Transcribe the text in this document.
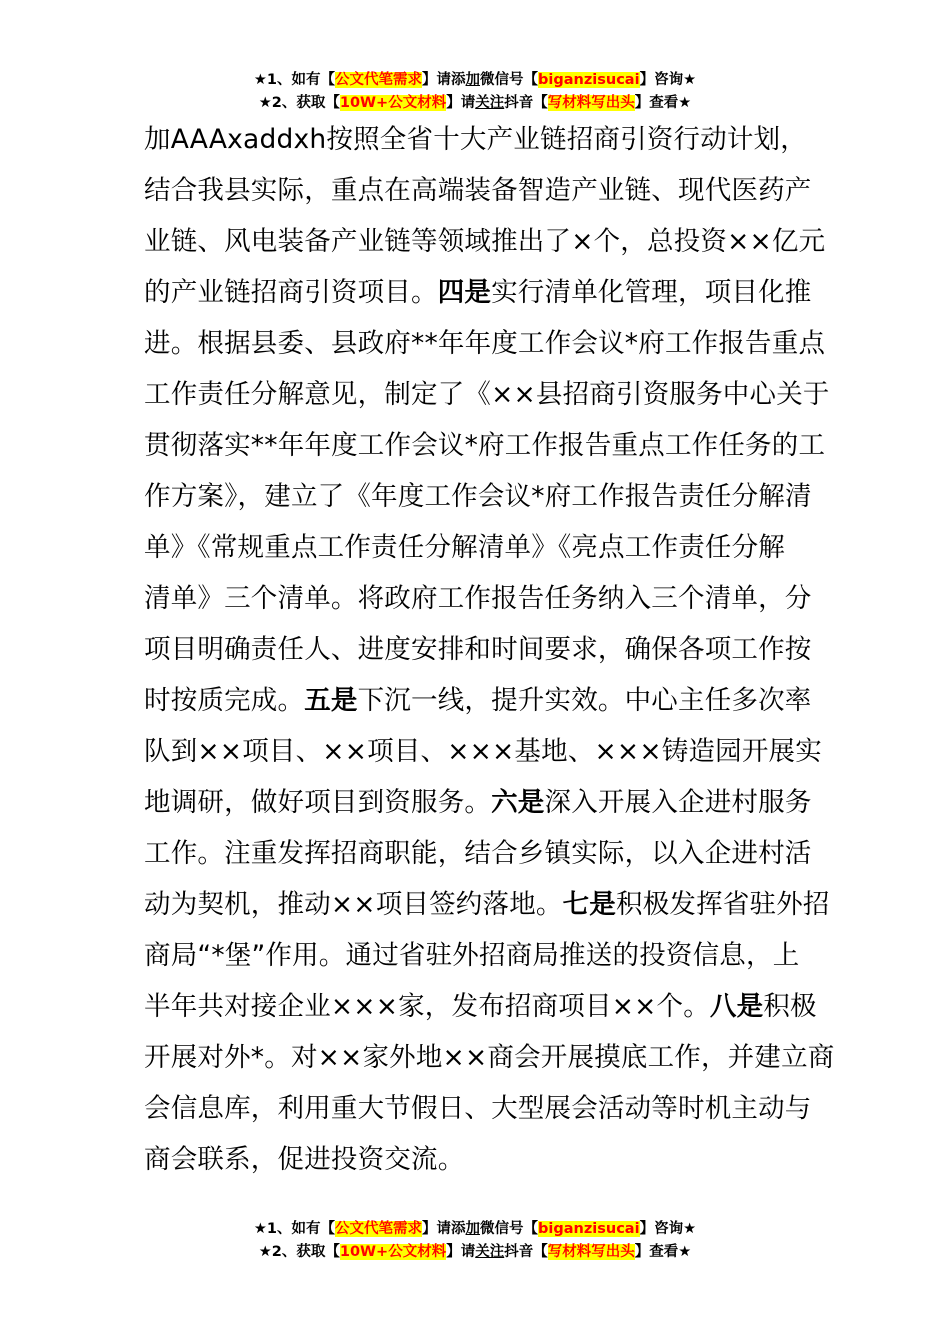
★1、如有【公文代笔需求】请添加微信号【biganzisucai】咨询★
★2、获取【10W+公文材料】请关注抖音【写材料写出头】查看★
加AAAxaddxh按照全省十大产业链招商引资行动计划，
结合我县实际，重点在高端装备智造产业链、现代医药产
业链、风电装备产业链等领域推出了×个，总投资××亿元
的产业链招商引资项目。四是实行清单化管理，项目化推
进。根据县委、县政府**年年度工作会议*府工作报告重点
工作责任分解意见，制定了《××县招商引资服务中心关于
贯彻落实**年年度工作会议*府工作报告重点工作任务的工
作方案》，建立了《年度工作会议*府工作报告责任分解清
单》《常规重点工作责任分解清单》《亮点工作责任分解
清单》三个清单。将政府工作报告任务纳入三个清单，分
项目明确责任人、进度安排和时间要求，确保各项工作按
时按质完成。五是下沉一线，提升实效。中心主任多次率
队到××项目、××项目、×××基地、×××铸造园开展实
地调研，做好项目到资服务。六是深入开展入企进村服务
工作。注重发挥招商职能，结合乡镇实际，以入企进村活
动为契机，推动××项目签约落地。七是积极发挥省驻外招
商局“*堡”作用。通过省驻外招商局推送的投资信息，上
半年共对接企业×××家，发布招商项目××个。八是积极
开展对外*。对××家外地××商会开展摸底工作，并建立商
会信息库，利用重大节假日、大型展会活动等时机主动与
商会联系，促进投资交流。
★1、如有【公文代笔需求】请添加微信号【biganzisucai】咨询★
★2、获取【10W+公文材料】请关注抖音【写材料写出头】查看★
